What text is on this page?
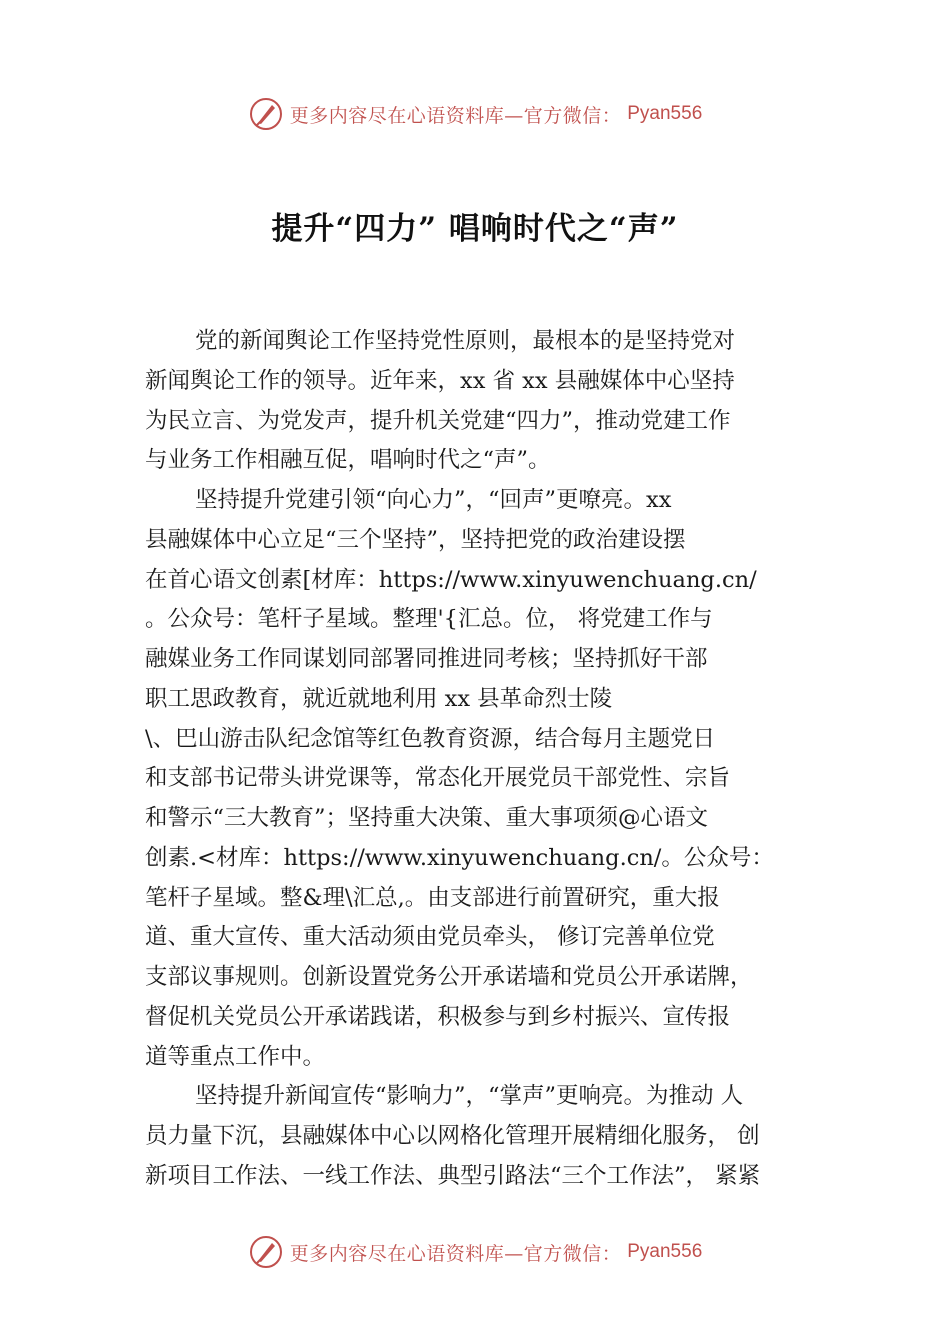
更多内容尽在心语资料库—官方微信： Pyan556
提升“四力” 唱响时代之“声”
党的新闻舆论工作坚持党性原则，最根本的是坚持党对
新闻舆论工作的领导。近年来，xx 省 xx 县融媒体中心坚持
为民立言、为党发声，提升机关党建“四力”，推动党建工作
与业务工作相融互促，唱响时代之“声”。
坚持提升党建引领“向心力”，“回声”更嘹亮。xx
县融媒体中心立足“三个坚持”，坚持把党的政治建设摆
在首心语文创素[材库：https://www.xinyuwenchuang.cn/
。公众号：笔杆子星域。整理'{汇总。位， 将党建工作与
融媒业务工作同谋划同部署同推进同考核；坚持抓好干部
职工思政教育，就近就地利用 xx 县革命烈士陵
\、巴山游击队纪念馆等红色教育资源，结合每月主题党日
和支部书记带头讲党课等，常态化开展党员干部党性、宗旨
和警示“三大教育”；坚持重大决策、重大事项须@心语文
创素.<材库：https://www.xinyuwenchuang.cn/。公众号：
笔杆子星域。整&理\汇总,。由支部进行前置研究，重大报
道、重大宣传、重大活动须由党员牵头， 修订完善单位党
支部议事规则。创新设置党务公开承诺墙和党员公开承诺牌，
督促机关党员公开承诺践诺，积极参与到乡村振兴、宣传报
道等重点工作中。
坚持提升新闻宣传“影响力”，“掌声”更响亮。为推动 人
员力量下沉，县融媒体中心以网格化管理开展精细化服务， 创
新项目工作法、一线工作法、典型引路法“三个工作法”， 紧紧
更多内容尽在心语资料库—官方微信： Pyan556
